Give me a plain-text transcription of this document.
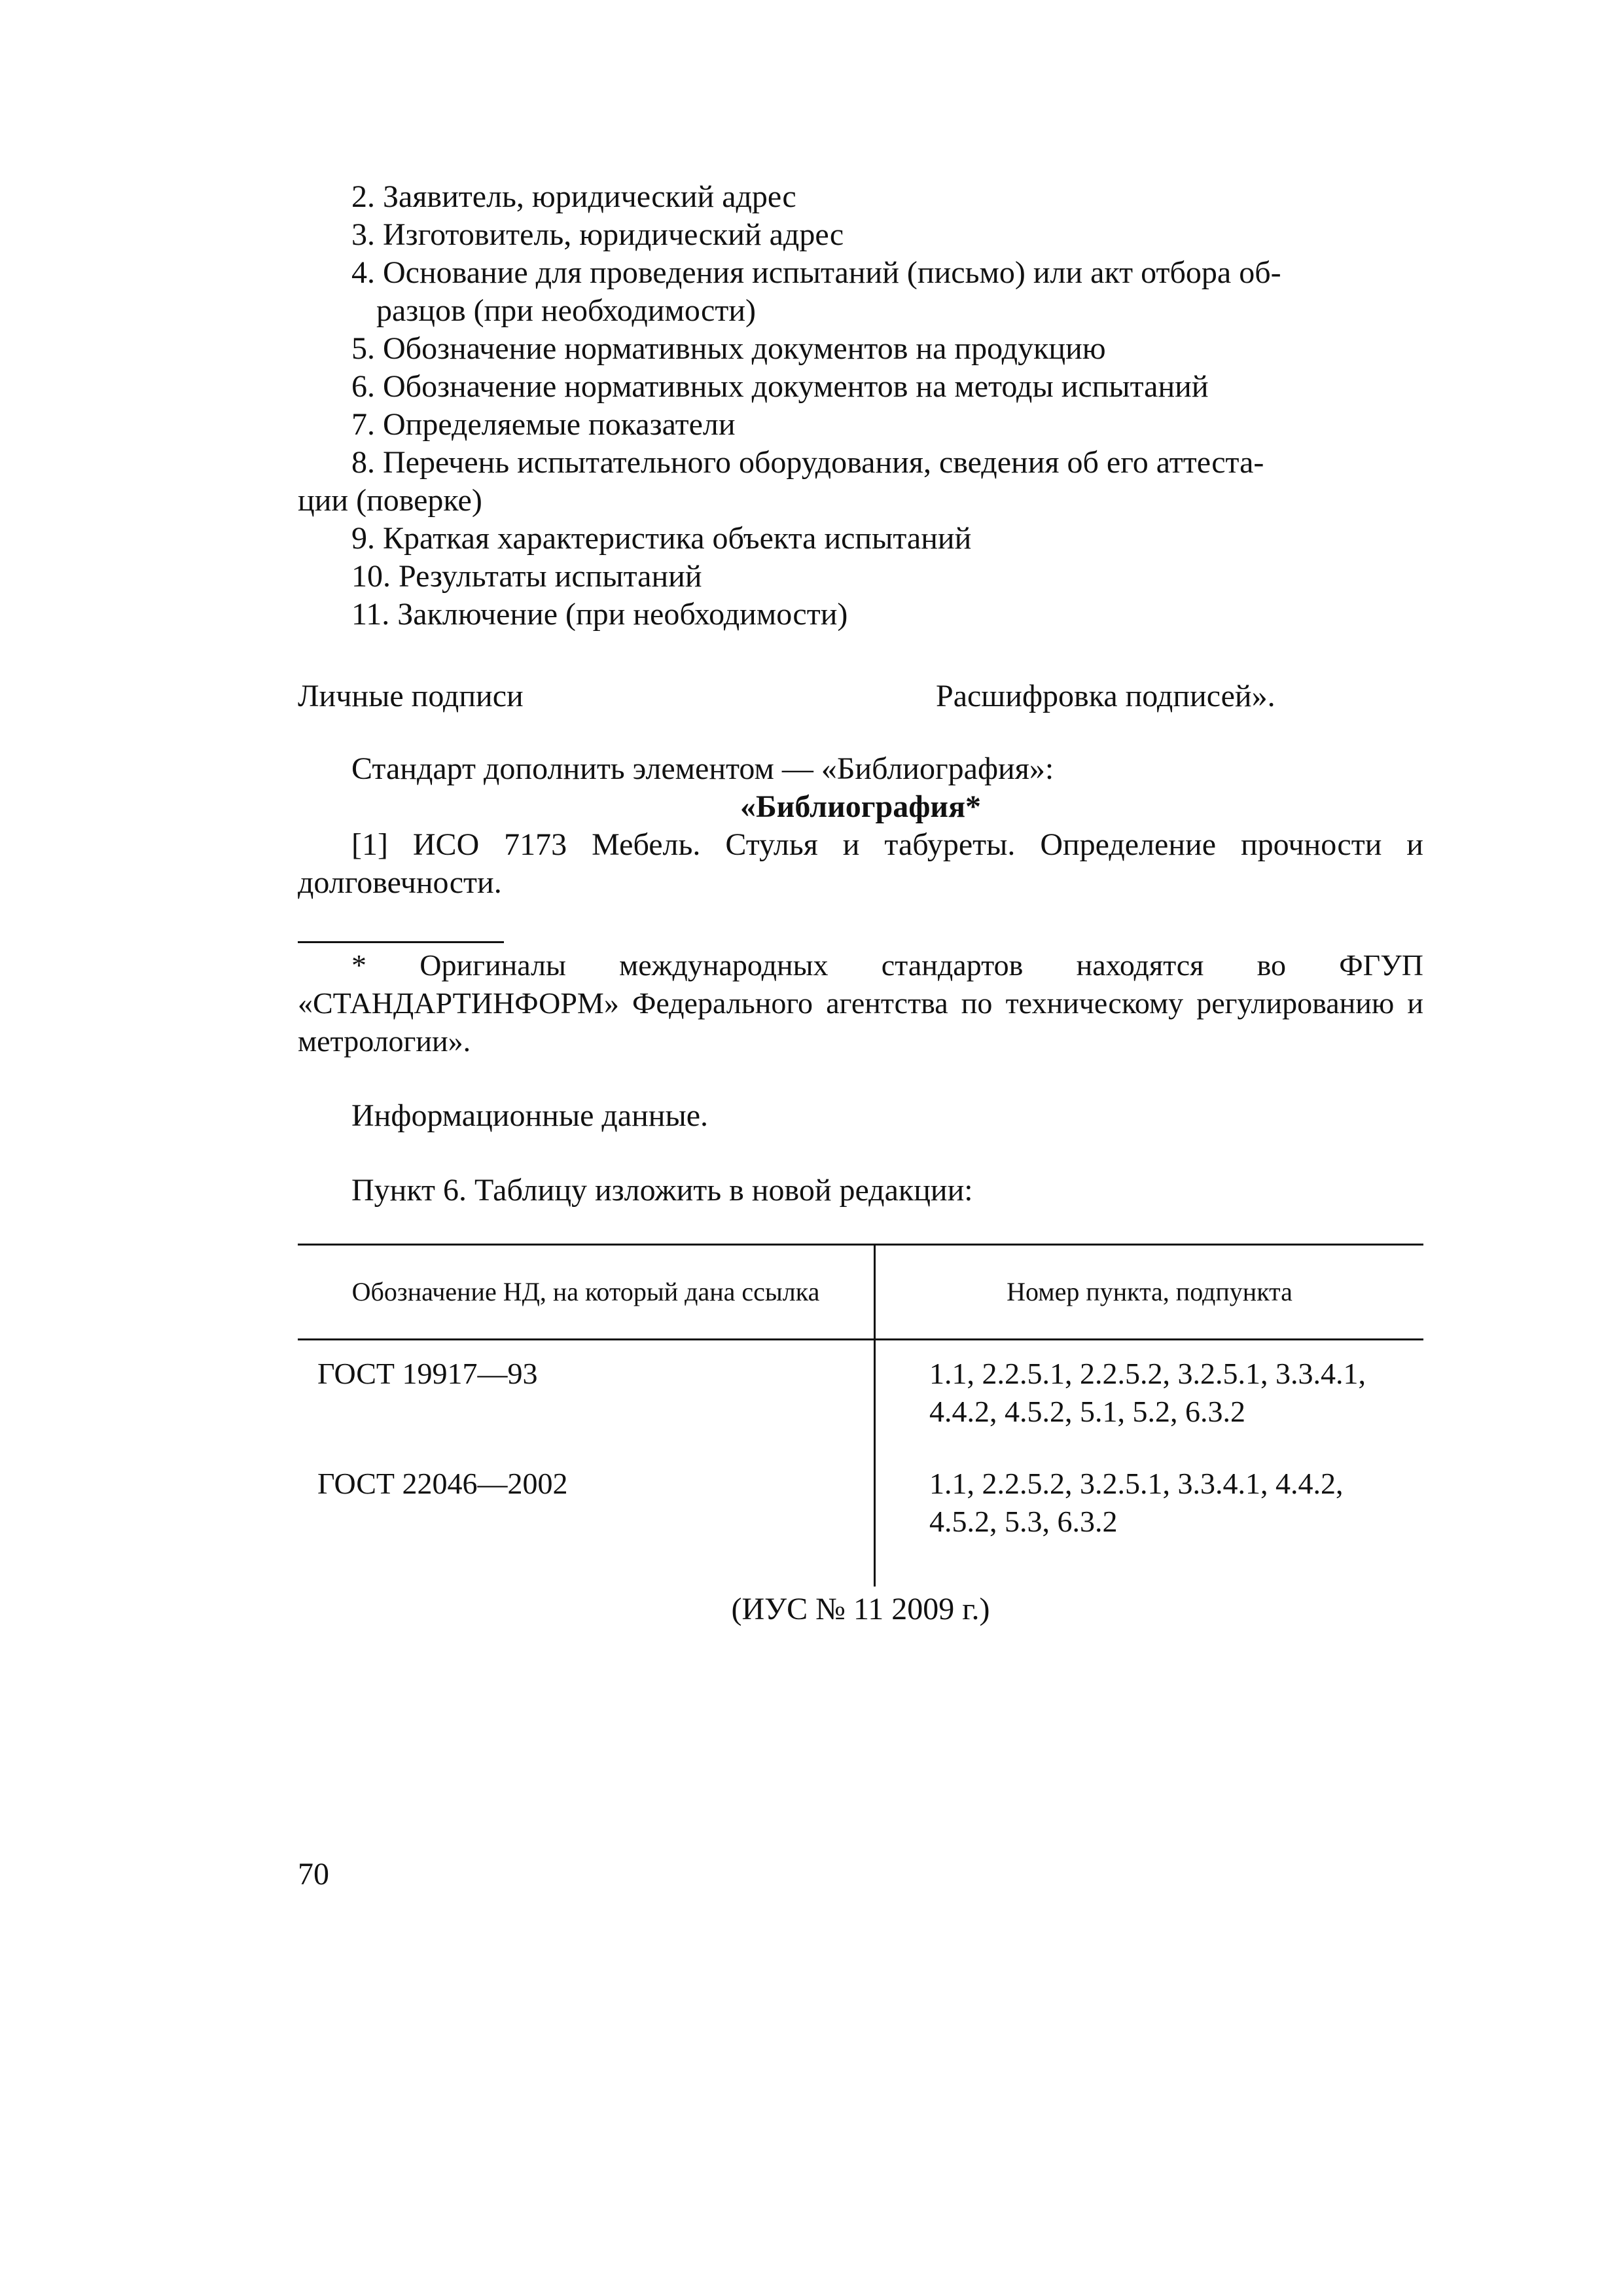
2. Заявитель, юридический адрес

3. Изготовитель, юридический адрес

4. Основание для проведения испытаний (письмо) или акт отбора об-

разцов (при необходимости)

5. Обозначение нормативных документов на продукцию

6. Обозначение нормативных документов на методы испытаний

7. Определяемые показатели

8. Перечень испытательного оборудования, сведения об его аттеста-

ции (поверке)

9. Краткая характеристика объекта испытаний

10. Результаты испытаний

11. Заключение (при необходимости)

Личные подписи	Расшифровка подписей».

Стандарт дополнить элементом — «Библиография»:

«Библиография*

[1] ИСО 7173 Мебель. Стулья и табуреты. Определение прочности и долговечности.

* Оригиналы международных стандартов находятся во ФГУП «СТАНДАРТИНФОРМ» Федерального агентства по техническому регулированию и метрологии».

Информационные данные.

Пункт 6. Таблицу изложить в новой редакции:

Обозначение НД, на который дана ссылка	Номер пункта, подпункта
ГОСТ 19917—93	1.1, 2.2.5.1, 2.2.5.2, 3.2.5.1, 3.3.4.1, 4.4.2, 4.5.2, 5.1, 5.2, 6.3.2
ГОСТ 22046—2002	1.1, 2.2.5.2, 3.2.5.1, 3.3.4.1, 4.4.2, 4.5.2, 5.3, 6.3.2
(ИУС № 11 2009 г.)
70
